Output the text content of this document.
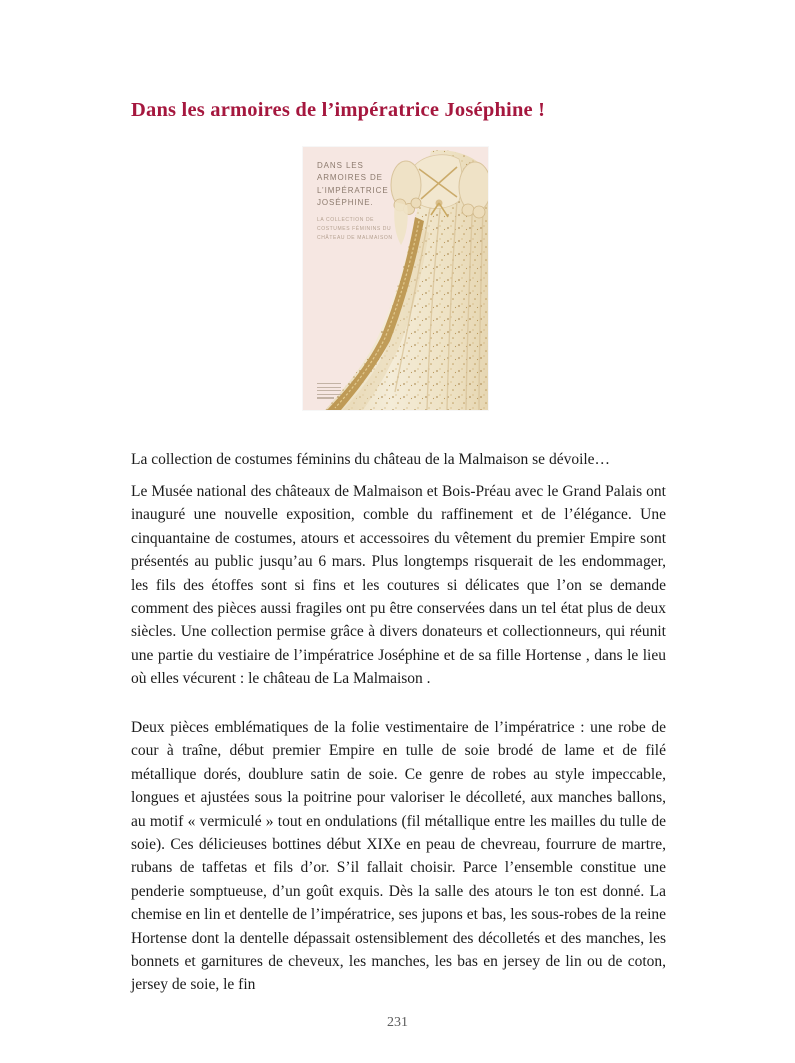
Dans les armoires de l’impératrice Joséphine !
DANS LES ARMOIRES DE L’IMPÉRATRICE JOSÉPHINE.
LA COLLECTION DE COSTUMES FÉMININS DU CHÂTEAU DE MALMAISON

La collection de costumes féminins du château de la Malmaison se dévoile…

Le Musée national des châteaux de Malmaison et Bois-Préau avec le Grand Palais ont inauguré une nouvelle exposition, comble du raffinement et de l’élégance. Une cinquantaine de costumes, atours et accessoires du vêtement du premier Empire sont présentés au public jusqu’au 6 mars. Plus longtemps risquerait de les endommager, les fils des étoffes sont si fins et les coutures si délicates que l’on se demande comment des pièces aussi fragiles ont pu être conservées dans un tel état plus de deux siècles. Une collection permise grâce à divers donateurs et collectionneurs, qui réunit une partie du vestiaire de l’impératrice Joséphine et de sa fille Hortense , dans le lieu où elles vécurent : le château de La Malmaison .

Deux pièces emblématiques de la folie vestimentaire de l’impératrice : une robe de cour à traîne, début premier Empire en tulle de soie brodé de lame et de filé métallique dorés, doublure satin de soie. Ce genre de robes au style impeccable, longues et ajustées sous la poitrine pour valoriser le décolleté, aux manches ballons, au motif « vermiculé » tout en ondulations (fil métallique entre les mailles du tulle de soie). Ces délicieuses bottines début XIXe en peau de chevreau, fourrure de martre, rubans de taffetas et fils d’or. S’il fallait choisir. Parce l’ensemble constitue une penderie somptueuse, d’un goût exquis. Dès la salle des atours le ton est donné. La chemise en lin et dentelle de l’impératrice, ses jupons et bas, les sous-robes de la reine Hortense dont la dentelle dépassait ostensiblement des décolletés et des manches, les bonnets et garnitures de cheveux, les manches, les bas en jersey de lin ou de coton, jersey de soie, le fin

231
